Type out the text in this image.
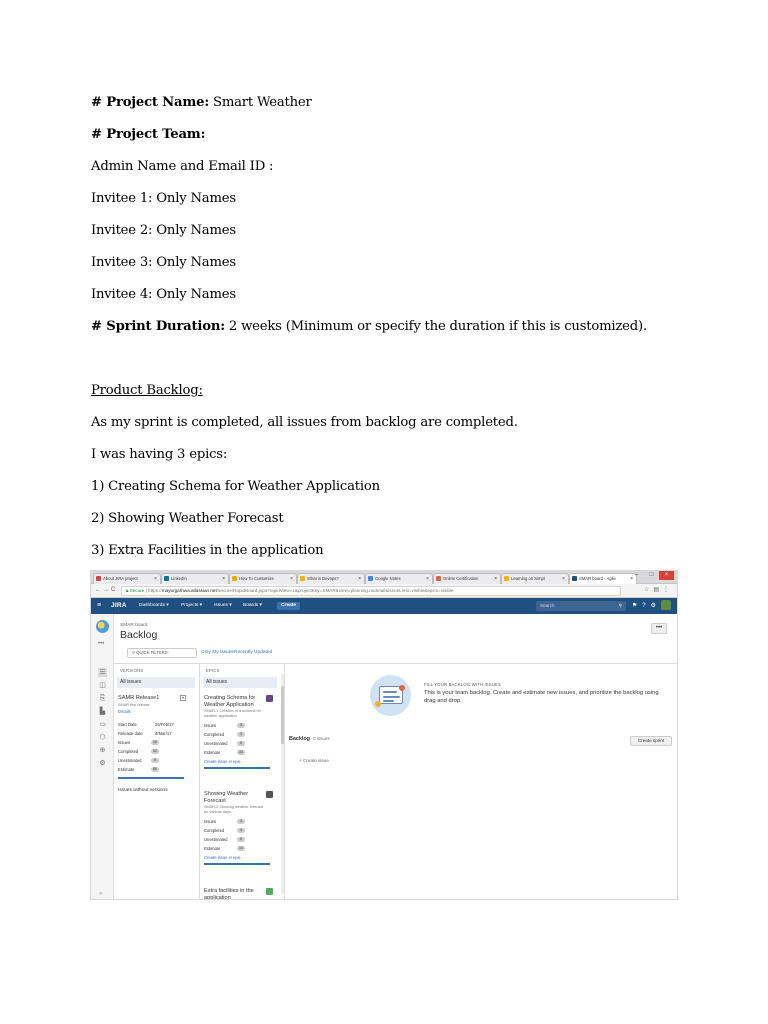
# Project Name: Smart Weather
# Project Team:
Admin Name and Email ID :
Invitee 1: Only Names
Invitee 2: Only Names
Invitee 3: Only Names
Invitee 4: Only Names
# Sprint Duration: 2 weeks (Minimum or specify the duration if this is customized).
Product Backlog:
As my sprint is completed, all issues from backlog are completed.
I was having 3 epics:
1) Creating Schema for Weather Application
2) Showing Weather Forecast
3) Extra Facilities in the application
About JIRA project	×	LinkedIn	×	How To Customize	×	What is Devops?	×	Google Notes	×	Online Certification	×	Learning on Simpl	×	SMAR board - Agile	×
–	□	×
←→C	🔒︎ Secure | https://mayurgarhwa.atlassian.net/secure/RapidBoard.jspa?rapidView=1&projectKey=SMAR&view=planning.nodetail&issueLimit=visible&epics=visible	☆▤⋮
≡ JIRA	Dashboards ▾	Projects ▾ Issues ▾ Boards ▾	Create	Search	⚲ ⚑?⚙
•••
☰
◫
⎘
▙
▭
⬡
⊕
⚙
»
SMAR board
Backlog
•••
⚲ QUICK FILTERS:	Only My Issues Recently Updated
VERSIONS
All issues
SAMR Release1	▾
SMAR first release
Details
Start Date	26/Feb/17
Release date	4/Mar/17
Issues	12
Completed	12
Unestimated	0
Estimate	60
Issues without versions
EPICS
All issues
Creating Schema for Weather Application
SMAR-1 Creation of a schema for weather application
Issues	3
Completed	3
Unestimated	0
Estimate	33
Create issue in epic
Showing Weather Forecast
SMAR-2 Showing weather forecast for various days
Issues	4
Completed	4
Unestimated	0
Estimate	14
Create issue in epic
Extra facilities in the application
FILL YOUR BACKLOG WITH ISSUES
This is your team backlog. Create and estimate new issues, and prioritize the backlog using drag and drop.
Backlog 0 issues	Create sprint
+ Create issue
